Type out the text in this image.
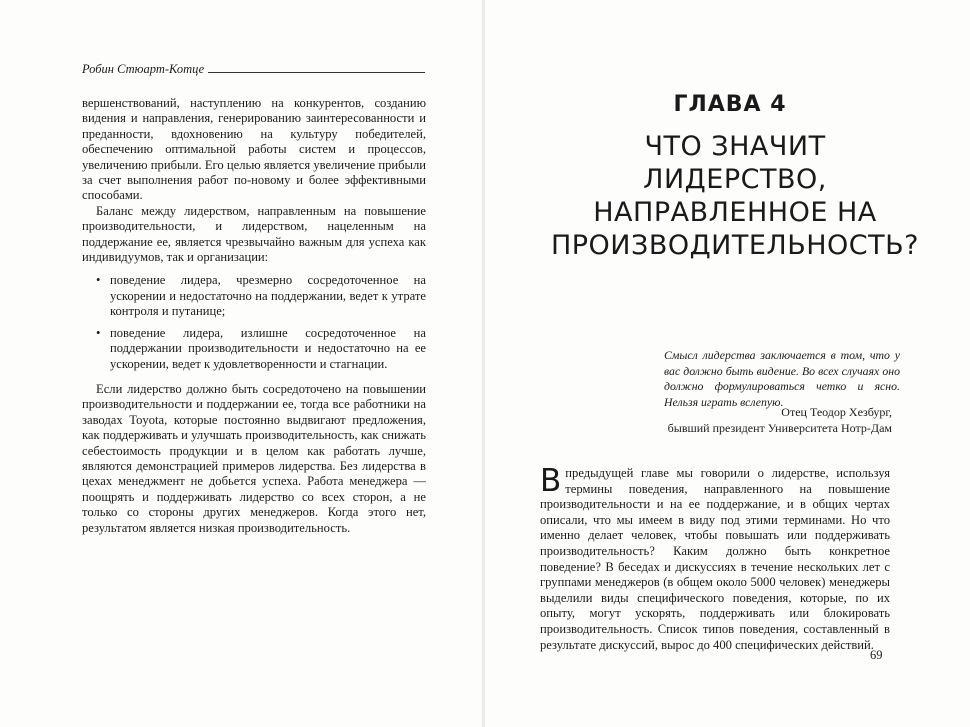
Робин Стюарт-Котце

вершенствований, наступлению на конкурентов, созданию видения и направления, генерированию заинтересованности и преданности, вдохновению на культуру победителей, обеспечению оптимальной работы систем и процессов, увеличению прибыли. Его целью является увеличение прибыли за счет выполнения работ по-новому и более эффективными способами.

Баланс между лидерством, направленным на повышение производительности, и лидерством, нацеленным на поддержание ее, является чрезвычайно важным для успеха как индивидуумов, так и организации:

• поведение лидера, чрезмерно сосредоточенное на ускорении и недостаточно на поддержании, ведет к утрате контроля и путанице;
• поведение лидера, излишне сосредоточенное на поддержании производительности и недостаточно на ее ускорении, ведет к удовлетворенности и стагнации.

Если лидерство должно быть сосредоточено на повышении производительности и поддержании ее, тогда все работники на заводах Toyota, которые постоянно выдвигают предложения, как поддерживать и улучшать производительность, как снижать себестоимость продукции и в целом как работать лучше, являются демонстрацией примеров лидерства. Без лидерства в цехах менеджмент не добьется успеха. Работа менеджера — поощрять и поддерживать лидерство со всех сторон, а не только со стороны других менеджеров. Когда этого нет, результатом является низкая производительность.

ГЛАВА 4
ЧТО ЗНАЧИТ
ЛИДЕРСТВО,
НАПРАВЛЕННОЕ НА
ПРОИЗВОДИТЕЛЬНОСТЬ?
Смысл лидерства заключается в том, что у вас должно быть видение. Во всех случаях оно должно формулироваться четко и ясно. Нельзя играть вслепую.
Отец Теодор Хезбург,
бывший президент Университета Нотр-Дам
В предыдущей главе мы говорили о лидерстве, используя термины поведения, направленного на повышение производительности и на ее поддержание, и в общих чертах описали, что мы имеем в виду под этими терминами. Но что именно делает человек, чтобы повышать или поддерживать производительность? Каким должно быть конкретное поведение? В беседах и дискуссиях в течение нескольких лет с группами менеджеров (в общем около 5000 человек) менеджеры выделили виды специфического поведения, которые, по их опыту, могут ускорять, поддерживать или блокировать производительность. Список типов поведения, составленный в результате дискуссий, вырос до 400 специфических действий.
69
